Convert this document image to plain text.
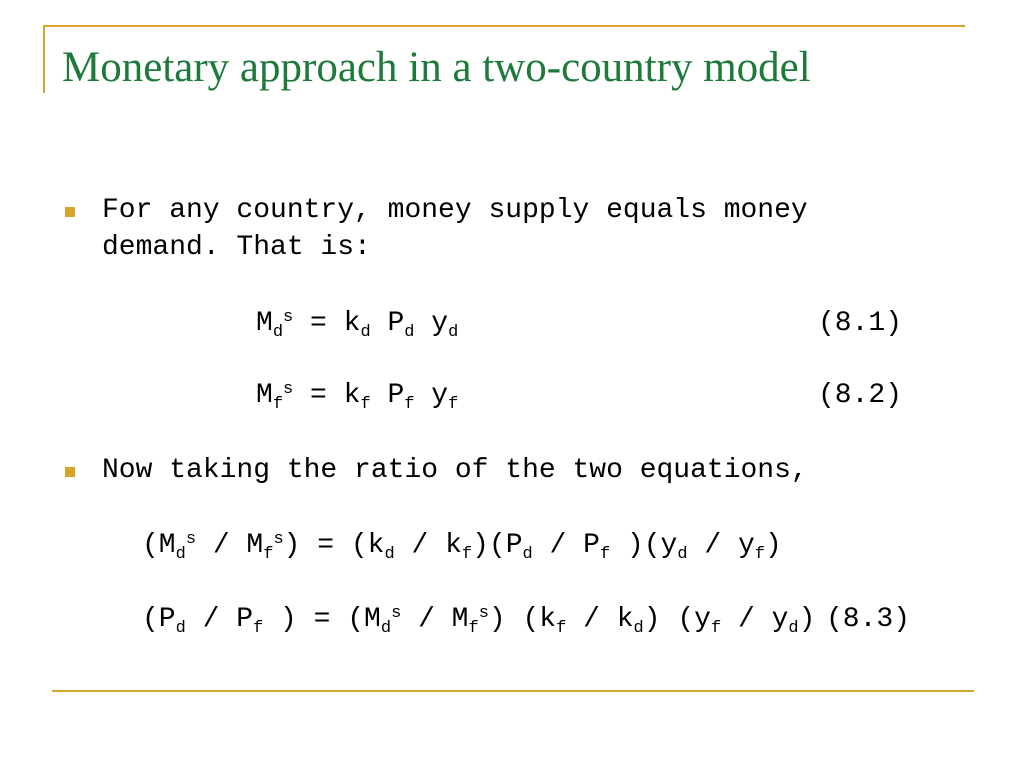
Monetary approach in a two-country model

For any country, money supply equals money

demand. That is:

$M_d^s = k_d$ $P_d$ $y_d$	(8.1)
$M_f^s = k_f$ $P_f$ $y_f$	(8.2)

Now taking the ratio of the two equations,

$(M_d^s / M_f^s) = (k_d / k_f)(P_d / P_f$ )$(y_d / y_f)$
($P_d / P_f$ ) = $(M_d^s / M_f^s)$ $(k_f / k_d)$ $(y_f / y_d)$ (8.3)
